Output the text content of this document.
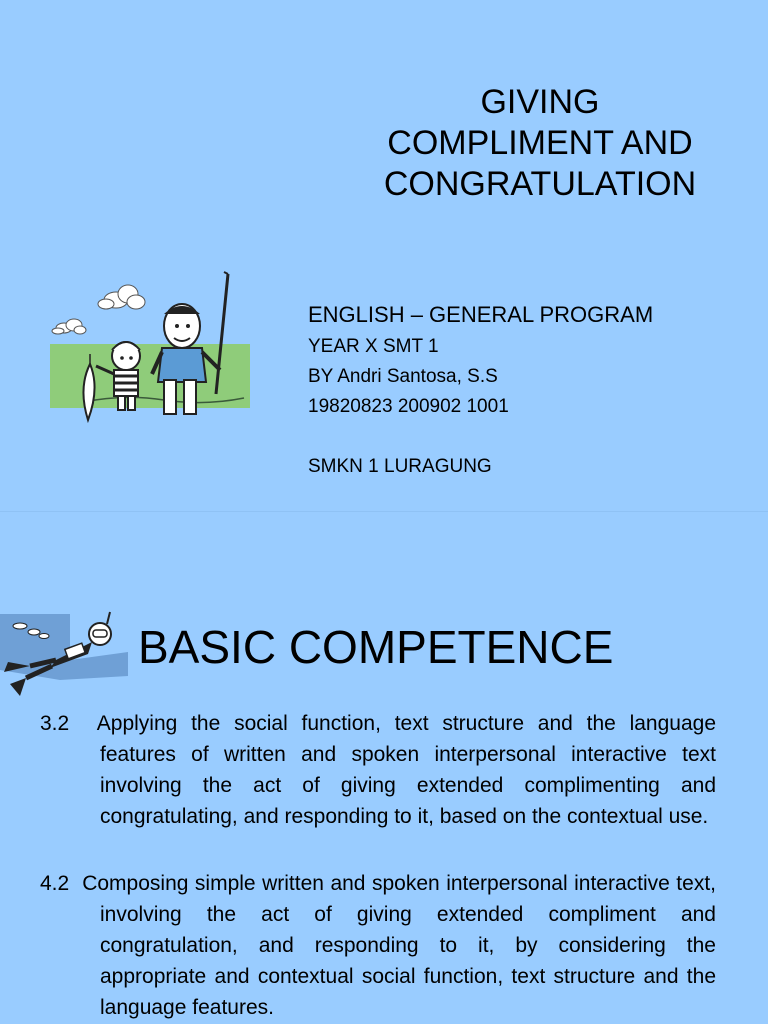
GIVING
COMPLIMENT AND
CONGRATULATION
ENGLISH – GENERAL PROGRAM
YEAR X SMT 1
BY Andri Santosa, S.S
19820823 200902 1001
SMKN 1 LURAGUNG
BASIC COMPETENCE
3.2 Applying the social function, text structure and the language features of written and spoken interpersonal interactive text involving the act of giving extended complimenting and congratulating, and responding to it, based on the contextual use.
4.2 Composing simple written and spoken interpersonal interactive text, involving the act of giving extended compliment and congratulation, and responding to it, by considering the appropriate and contextual social function, text structure and the language features.
